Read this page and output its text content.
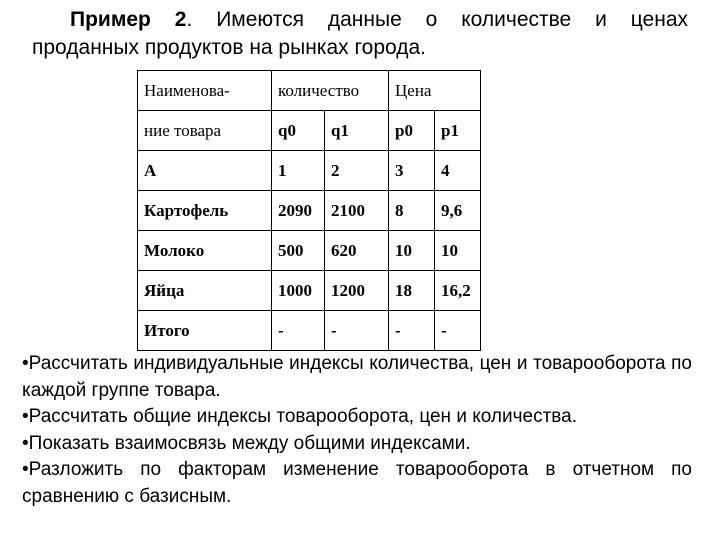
Пример 2. Имеются данные о количестве и ценах
проданных продуктов на рынках города.
Наименова-	количество		Цена	
ние товара	q0	q1	p0	p1
А	1	2	3	4
Картофель	2090	2100	8	9,6
Молоко	500	620	10	10
Яйца	1000	1200	18	16,2
Итого	-	-	-	-
•Рассчитать индивидуальные индексы количества, цен и товарооборота по каждой группе товара.
•Рассчитать общие индексы товарооборота, цен и количества.
•Показать взаимосвязь между общими индексами.
•Разложить по факторам изменение товарооборота в отчетном по сравнению с базисным.
